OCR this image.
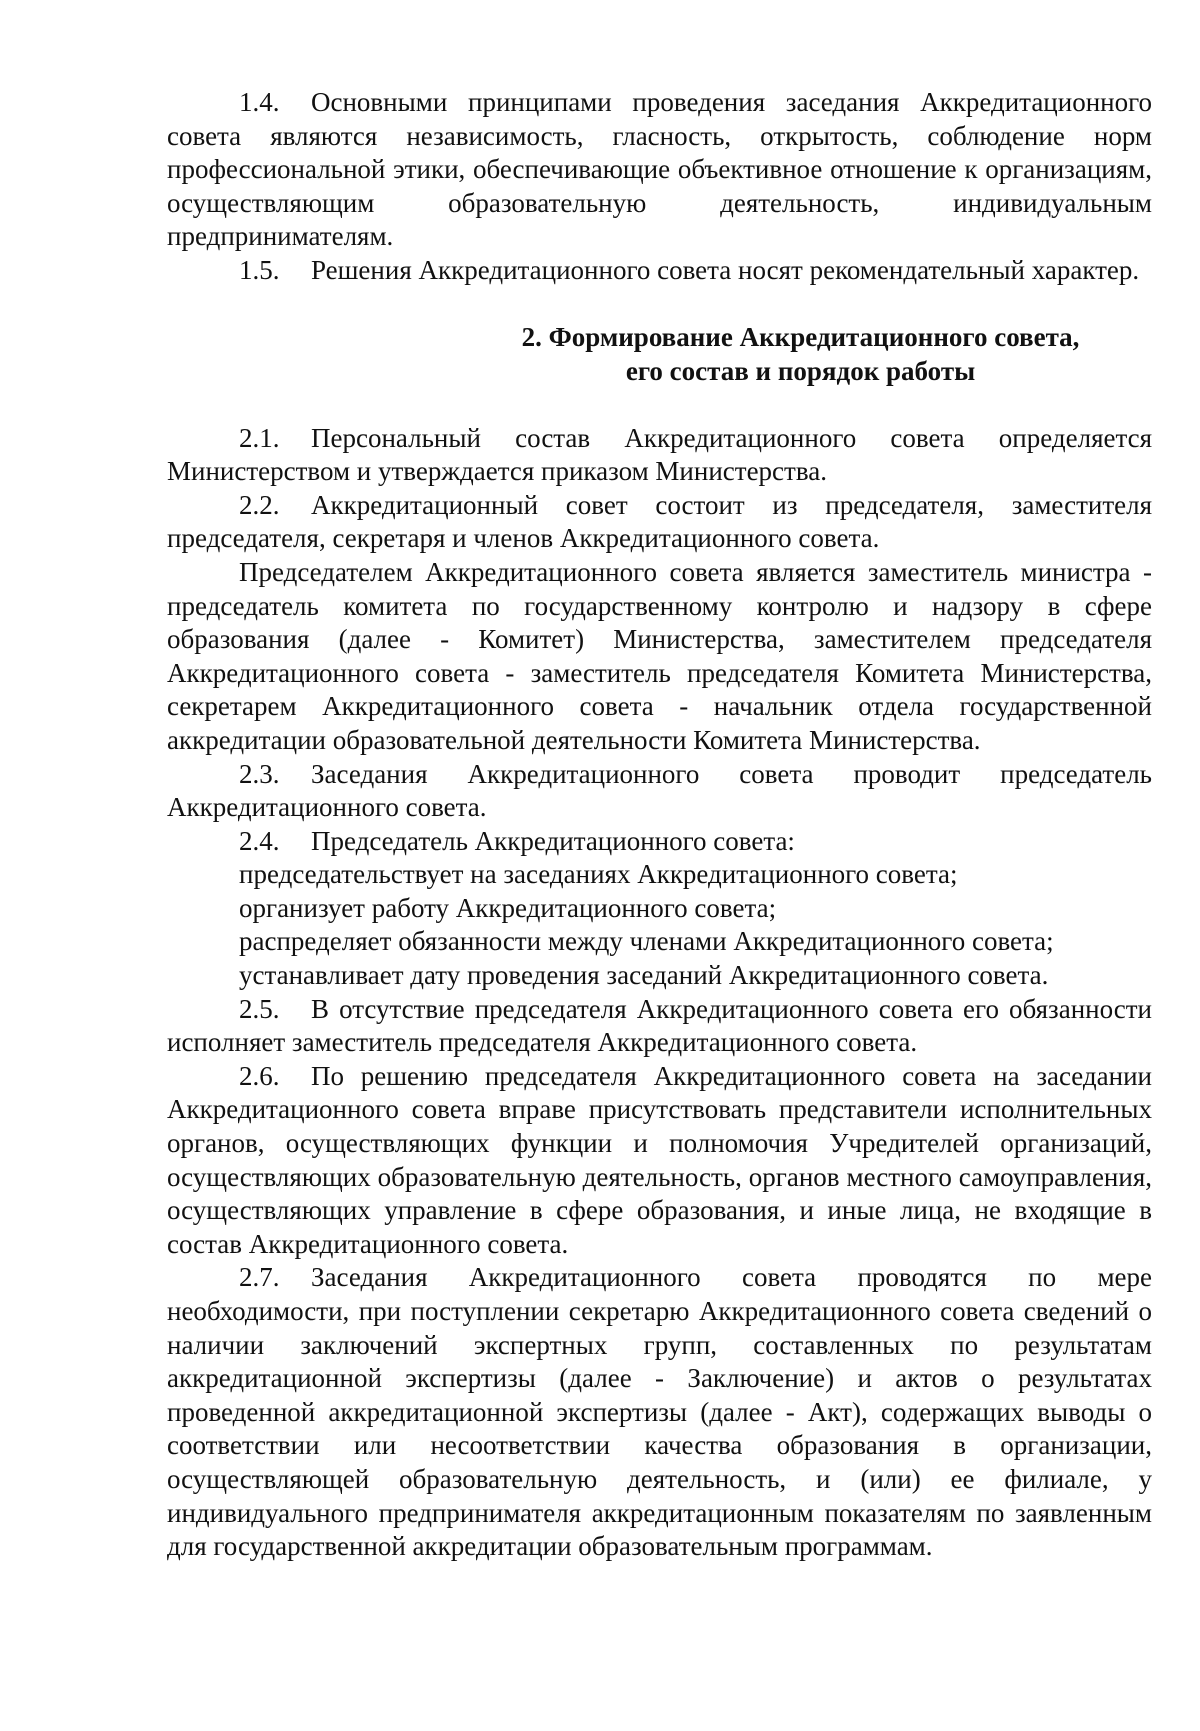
1.4. Основными принципами проведения заседания Аккредитационного совета являются независимость, гласность, открытость, соблюдение норм профессиональной этики, обеспечивающие объективное отношение к организациям, осуществляющим образовательную деятельность, индивидуальным предпринимателям.

1.5. Решения Аккредитационного совета носят рекомендательный характер.

2. Формирование Аккредитационного совета,

его состав и порядок работы

2.1. Персональный состав Аккредитационного совета определяется Министерством и утверждается приказом Министерства.

2.2. Аккредитационный совет состоит из председателя, заместителя председателя, секретаря и членов Аккредитационного совета.

Председателем Аккредитационного совета является заместитель министра - председатель комитета по государственному контролю и надзору в сфере образования (далее - Комитет) Министерства, заместителем председателя Аккредитационного совета - заместитель председателя Комитета Министерства, секретарем Аккредитационного совета - начальник отдела государственной аккредитации образовательной деятельности Комитета Министерства.

2.3. Заседания Аккредитационного совета проводит председатель Аккредитационного совета.

2.4. Председатель Аккредитационного совета:

председательствует на заседаниях Аккредитационного совета;

организует работу Аккредитационного совета;

распределяет обязанности между членами Аккредитационного совета;

устанавливает дату проведения заседаний Аккредитационного совета.

2.5. В отсутствие председателя Аккредитационного совета его обязанности исполняет заместитель председателя Аккредитационного совета.

2.6. По решению председателя Аккредитационного совета на заседании Аккредитационного совета вправе присутствовать представители исполнительных органов, осуществляющих функции и полномочия Учредителей организаций, осуществляющих образовательную деятельность, органов местного самоуправления, осуществляющих управление в сфере образования, и иные лица, не входящие в состав Аккредитационного совета.

2.7. Заседания Аккредитационного совета проводятся по мере необходимости, при поступлении секретарю Аккредитационного совета сведений о наличии заключений экспертных групп, составленных по результатам аккредитационной экспертизы (далее - Заключение) и актов о результатах проведенной аккредитационной экспертизы (далее - Акт), содержащих выводы о соответствии или несоответствии качества образования в организации, осуществляющей образовательную деятельность, и (или) ее филиале, у индивидуального предпринимателя аккредитационным показателям по заявленным для государственной аккредитации образовательным программам.
